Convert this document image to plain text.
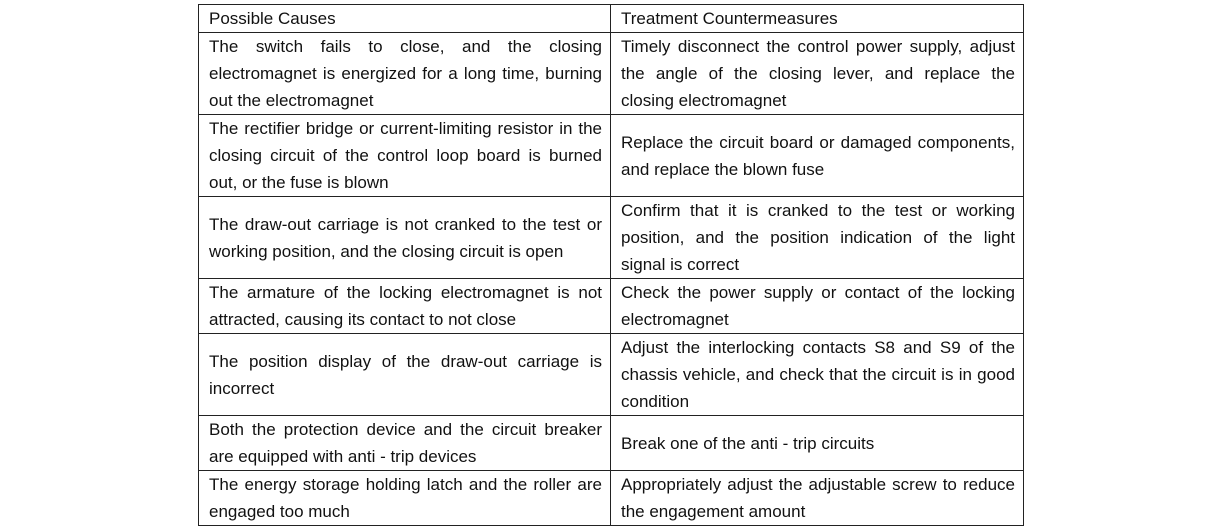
Possible Causes	Treatment Countermeasures
The switch fails to close, and the closing electromagnet is energized for a long time, burning out the electromagnet	Timely disconnect the control power supply, adjust the angle of the closing lever, and replace the closing electromagnet
The rectifier bridge or current-limiting resistor in the closing circuit of the control loop board is burned out, or the fuse is blown	Replace the circuit board or damaged components, and replace the blown fuse
The draw-out carriage is not cranked to the test or working position, and the closing circuit is open	Confirm that it is cranked to the test or working position, and the position indication of the light signal is correct
The armature of the locking electromagnet is not attracted, causing its contact to not close	Check the power supply or contact of the locking electromagnet
The position display of the draw-out carriage is incorrect	Adjust the interlocking contacts S8 and S9 of the chassis vehicle, and check that the circuit is in good condition
Both the protection device and the circuit breaker are equipped with anti - trip devices	Break one of the anti - trip circuits
The energy storage holding latch and the roller are engaged too much	Appropriately adjust the adjustable screw to reduce the engagement amount
